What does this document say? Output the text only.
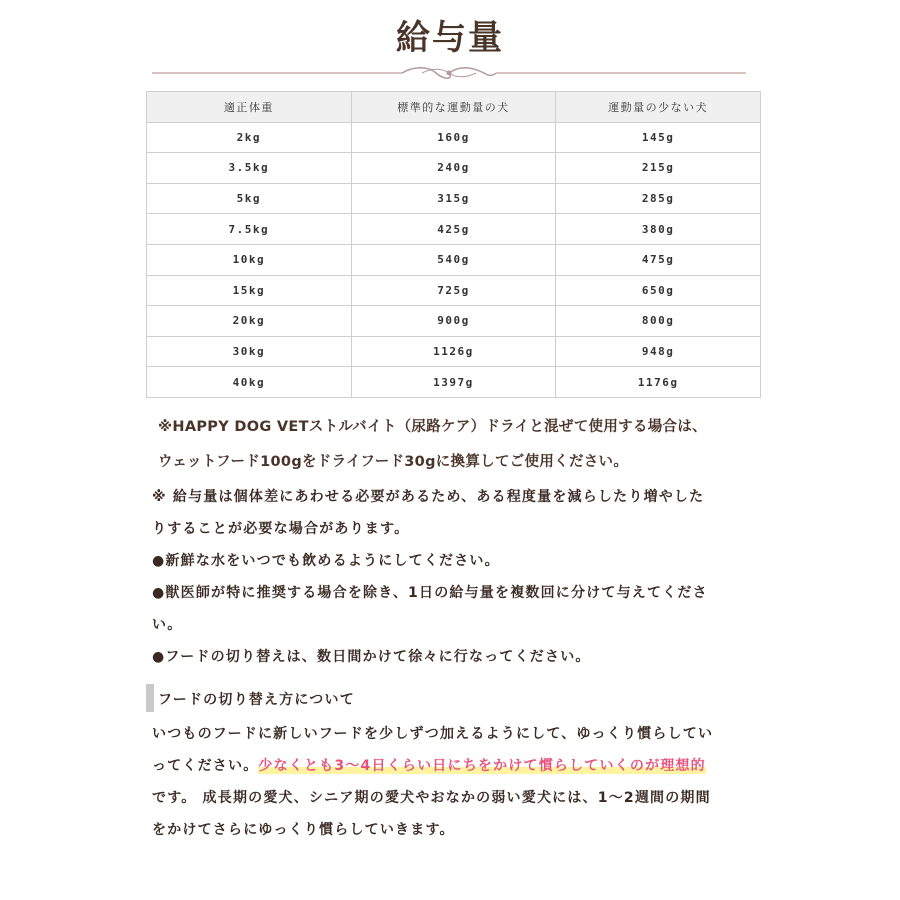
給与量
適正体重	標準的な運動量の犬	運動量の少ない犬
2kg	160g	145g
3.5kg	240g	215g
5kg	315g	285g
7.5kg	425g	380g
10kg	540g	475g
15kg	725g	650g
20kg	900g	800g
30kg	1126g	948g
40kg	1397g	1176g
※HAPPY DOG VETストルバイト（尿路ケア）ドライと混ぜて使用する場合は、
ウェットフード100gをドライフード30gに換算してご使用ください。
※ 給与量は個体差にあわせる必要があるため、ある程度量を減らしたり増やした
りすることが必要な場合があります。
●新鮮な水をいつでも飲めるようにしてください。
●獣医師が特に推奨する場合を除き、1日の給与量を複数回に分けて与えてくださ
い。
●フードの切り替えは、数日間かけて徐々に行なってください。
フードの切り替え方について
いつものフードに新しいフードを少しずつ加えるようにして、ゆっくり慣らしてい
ってください。少なくとも3〜4日くらい日にちをかけて慣らしていくのが理想的
です。 成長期の愛犬、シニア期の愛犬やおなかの弱い愛犬には、1〜2週間の期間
をかけてさらにゆっくり慣らしていきます。
